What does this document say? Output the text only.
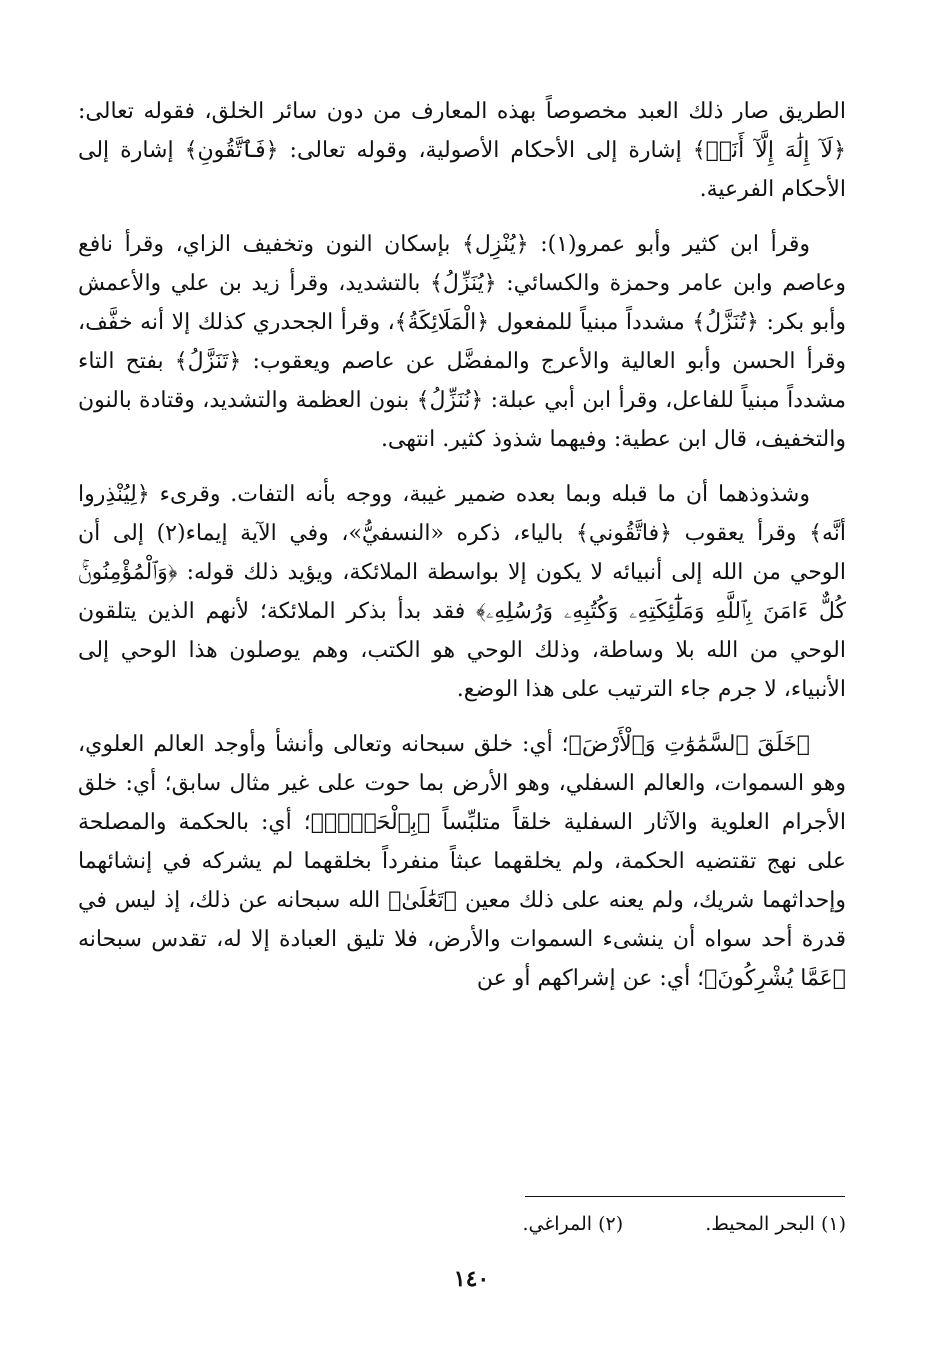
الطريق صار ذلك العبد مخصوصاً بهذه المعارف من دون سائر الخلق، فقوله تعالى: ﴿لَآ إِلَٰهَ إِلَّآ أَنَا۠﴾ إشارة إلى الأحكام الأصولية، وقوله تعالى: ﴿فَٱتَّقُونِ﴾ إشارة إلى الأحكام الفرعية.

وقرأ ابن كثير وأبو عمرو(١): ﴿يُنْزِل﴾ بإسكان النون وتخفيف الزاي، وقرأ نافع وعاصم وابن عامر وحمزة والكسائي: ﴿يُنَزِّلُ﴾ بالتشديد، وقرأ زيد بن علي والأعمش وأبو بكر: ﴿تُنَزَّلُ﴾ مشدداً مبنياً للمفعول ﴿الْمَلَائِكَةُ﴾، وقرأ الجحدري كذلك إلا أنه خفَّف، وقرأ الحسن وأبو العالية والأعرج والمفضَّل عن عاصم ويعقوب: ﴿تَنَزَّلُ﴾ بفتح التاء مشدداً مبنياً للفاعل، وقرأ ابن أبي عبلة: ﴿نُنَزِّلُ﴾ بنون العظمة والتشديد، وقتادة بالنون والتخفيف، قال ابن عطية: وفيهما شذوذ كثير. انتهى.

وشذوذهما أن ما قبله وبما بعده ضمير غيبة، ووجه بأنه التفات. وقرىء ﴿لِيُنْذِروا أنَّه﴾ وقرأ يعقوب ﴿فاتَّقُوني﴾ بالياء، ذكره «النسفيُّ»، وفي الآية إيماء(٢) إلى أن الوحي من الله إلى أنبيائه لا يكون إلا بواسطة الملائكة، ويؤيد ذلك قوله: ﴿وَٱلْمُؤْمِنُونَۚ كُلٌّ ءَامَنَ بِٱللَّهِ وَمَلَٰٓئِكَتِهِۦ وَكُتُبِهِۦ وَرُسُلِهِۦ﴾ فقد بدأ بذكر الملائكة؛ لأنهم الذين يتلقون الوحي من الله بلا وساطة، وذلك الوحي هو الكتب، وهم يوصلون هذا الوحي إلى الأنبياء، لا جرم جاء الترتيب على هذا الوضع.

﴿خَلَقَ ٱلسَّمَٰوَٰتِ وَٱلْأَرْضَ﴾؛ أي: خلق سبحانه وتعالى وأنشأ وأوجد العالم العلوي، وهو السموات، والعالم السفلي، وهو الأرض بما حوت على غير مثال سابق؛ أي: خلق الأجرام العلوية والآثار السفلية خلقاً متلبِّساً ﴿بِٱلْحَقِّۚ﴾؛ أي: بالحكمة والمصلحة على نهج تقتضيه الحكمة، ولم يخلقهما عبثاً منفرداً بخلقهما لم يشركه في إنشائهما وإحداثهما شريك، ولم يعنه على ذلك معين ﴿تَعَٰلَىٰ﴾ الله سبحانه عن ذلك، إذ ليس في قدرة أحد سواه أن ينشىء السموات والأرض، فلا تليق العبادة إلا له، تقدس سبحانه ﴿عَمَّا يُشْرِكُونَ﴾؛ أي: عن إشراكهم أو عن

(١) البحر المحيط.
(٢) المراغي.
١٤٠
